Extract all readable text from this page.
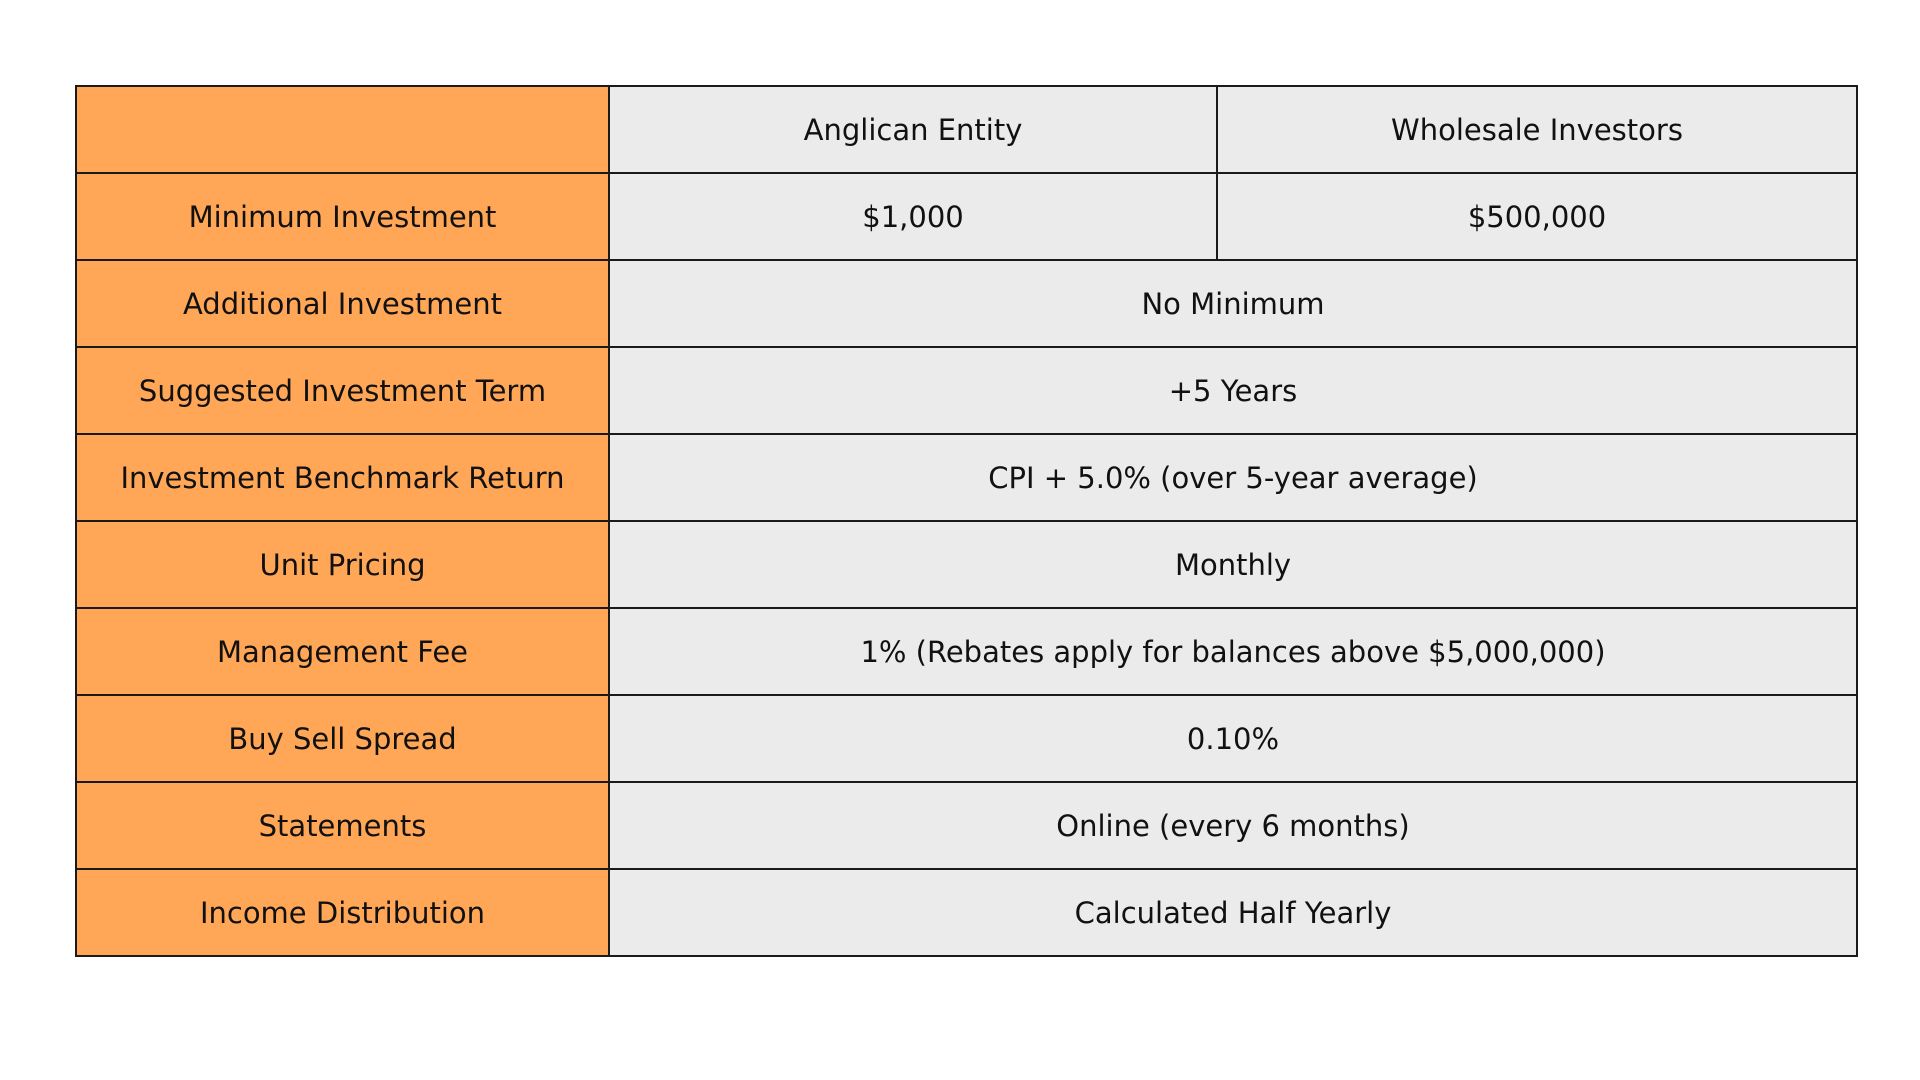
	Anglican Entity	Wholesale Investors
Minimum Investment	$1,000	$500,000
Additional Investment	No Minimum	
Suggested Investment Term	+5 Years	
Investment Benchmark Return	CPI + 5.0% (over 5-year average)	
Unit Pricing	Monthly	
Management Fee	1% (Rebates apply for balances above $5,000,000)	
Buy Sell Spread	0.10%	
Statements	Online (every 6 months)	
Income Distribution	Calculated Half Yearly	
